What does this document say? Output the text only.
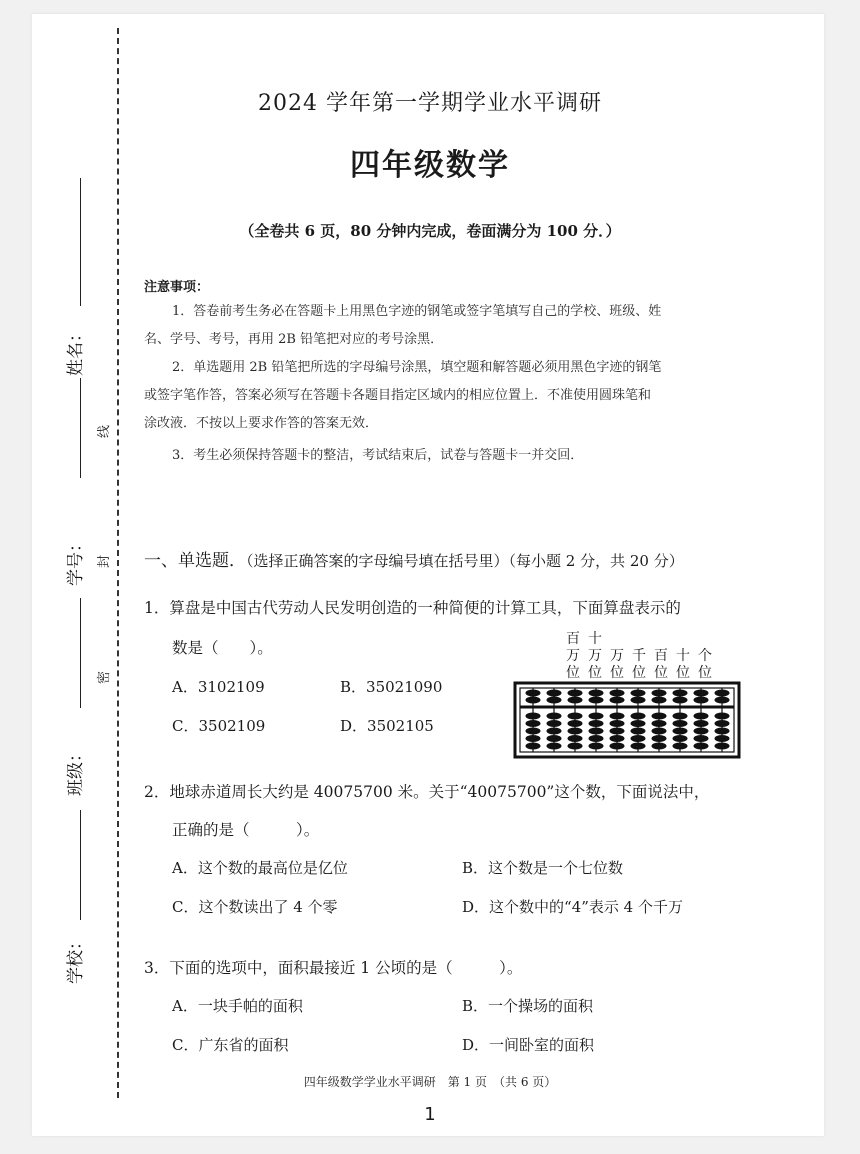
姓名：
学号：
班级：
学校：
线
封
密
2024 学年第一学期学业水平调研
四年级数学
（全卷共 6 页，80 分钟内完成，卷面满分为 100 分．）
注意事项：
1．答卷前考生务必在答题卡上用黑色字迹的钢笔或签字笔填写自己的学校、班级、姓
名、学号、考号，再用 2B 铅笔把对应的考号涂黑．
2．单选题用 2B 铅笔把所选的字母编号涂黑，填空题和解答题必须用黑色字迹的钢笔
或签字笔作答，答案必须写在答题卡各题目指定区域内的相应位置上．不准使用圆珠笔和
涂改液．不按以上要求作答的答案无效．
3．考生必须保持答题卡的整洁，考试结束后，试卷与答题卡一并交回．
一、单选题．（选择正确答案的字母编号填在括号里）（每小题 2 分，共 20 分）
1．算盘是中国古代劳动人民发明创造的一种简便的计算工具，下面算盘表示的
数是（　　）。
A．3102109	B．35021090
C．3502109	D．3502105
百 十
万 万 万 千 百 十 个
位 位 位 位 位 位 位
2．地球赤道周长大约是 40075700 米。关于“40075700”这个数，下面说法中，
正确的是（　　　）。
A．这个数的最高位是亿位	B．这个数是一个七位数
C．这个数读出了 4 个零	D．这个数中的“4”表示 4 个千万
3．下面的选项中，面积最接近 1 公顷的是（　　　）。
A．一块手帕的面积	B．一个操场的面积
C．广东省的面积	D．一间卧室的面积
四年级数学学业水平调研　第 1 页　（共 6 页）
1
